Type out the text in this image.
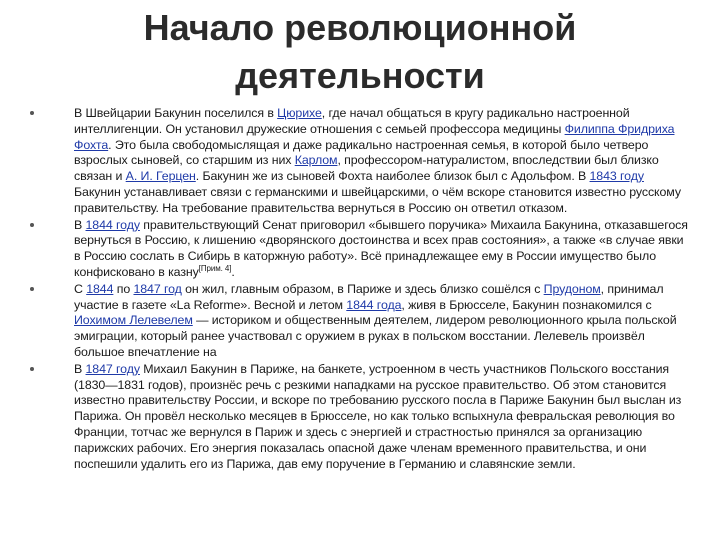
Начало революционной
деятельности
В Швейцарии Бакунин поселился в Цюрихе, где начал общаться в кругу радикально настроенной интеллигенции. Он установил дружеские отношения с семьей профессора медицины Филиппа Фридриха Фохта. Это была свободомыслящая и даже радикально настроенная семья, в которой было четверо взрослых сыновей, со старшим из них Карлом, профессором-натуралистом, впоследствии был близко связан и А. И. Герцен. Бакунин же из сыновей Фохта наиболее близок был с Адольфом. В 1843 году Бакунин устанавливает связи с германскими и швейцарскими, о чём вскоре становится известно русскому правительству. На требование правительства вернуться в Россию он ответил отказом.
В 1844 году правительствующий Сенат приговорил «бывшего поручика» Михаила Бакунина, отказавшегося вернуться в Россию, к лишению «дворянского достоинства и всех прав состояния», а также «в случае явки в Россию сослать в Сибирь в каторжную работу». Всё принадлежащее ему в России имущество было конфисковано в казну[Прим. 4].
С 1844 по 1847 год он жил, главным образом, в Париже и здесь близко сошёлся с Прудоном, принимал участие в газете «La Reforme». Весной и летом 1844 года, живя в Брюсселе, Бакунин познакомился с Иохимом Лелевелем — историком и общественным деятелем, лидером революционного крыла польской эмиграции, который ранее участвовал с оружием в руках в польском восстании. Лелевель произвёл большое впечатление на
В 1847 году Михаил Бакунин в Париже, на банкете, устроенном в честь участников Польского восстания (1830—1831 годов), произнёс речь с резкими нападками на русское правительство. Об этом становится известно правительству России, и вскоре по требованию русского посла в Париже Бакунин был выслан из Парижа. Он провёл несколько месяцев в Брюсселе, но как только вспыхнула февральская революция во Франции, тотчас же вернулся в Париж и здесь с энергией и страстностью принялся за организацию парижских рабочих. Его энергия показалась опасной даже членам временного правительства, и они поспешили удалить его из Парижа, дав ему поручение в Германию и славянские земли.
